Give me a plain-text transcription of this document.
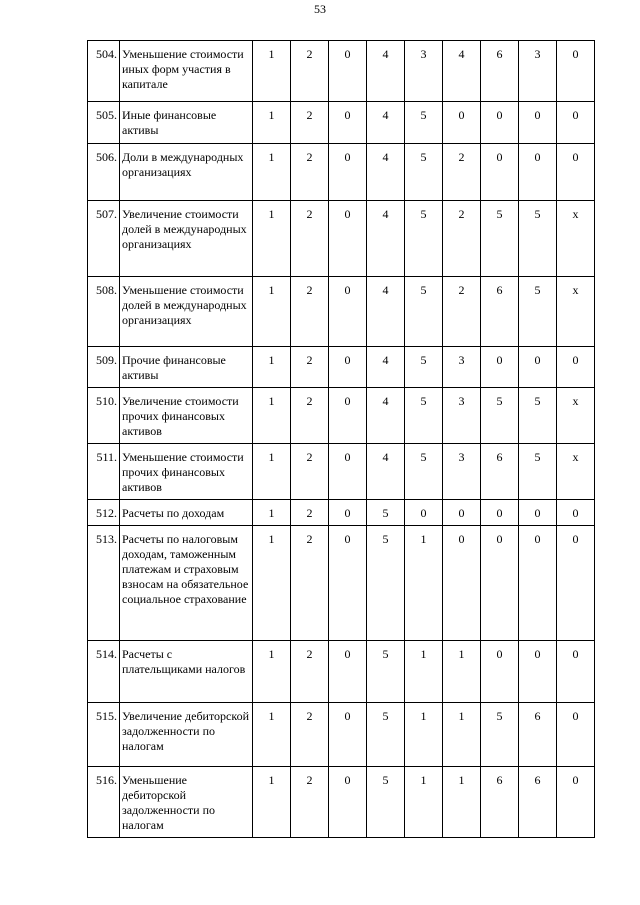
53
504.	Уменьшение стоимости иных форм участия в капитале	1	2	0	4	3	4	6	3	0
505.	Иные финансовые активы	1	2	0	4	5	0	0	0	0
506.	Доли в международных организациях	1	2	0	4	5	2	0	0	0
507.	Увеличение стоимости долей в международных организациях	1	2	0	4	5	2	5	5	x
508.	Уменьшение стоимости долей в международных организациях	1	2	0	4	5	2	6	5	x
509.	Прочие финансовые активы	1	2	0	4	5	3	0	0	0
510.	Увеличение стоимости прочих финансовых активов	1	2	0	4	5	3	5	5	x
511.	Уменьшение стоимости прочих финансовых активов	1	2	0	4	5	3	6	5	x
512.	Расчеты по доходам	1	2	0	5	0	0	0	0	0
513.	Расчеты по налоговым доходам, таможенным платежам и страховым взносам на обязательное социальное страхование	1	2	0	5	1	0	0	0	0
514.	Расчеты с плательщиками налогов	1	2	0	5	1	1	0	0	0
515.	Увеличение дебиторской задолженности по налогам	1	2	0	5	1	1	5	6	0
516.	Уменьшение дебиторской задолженности по налогам	1	2	0	5	1	1	6	6	0
